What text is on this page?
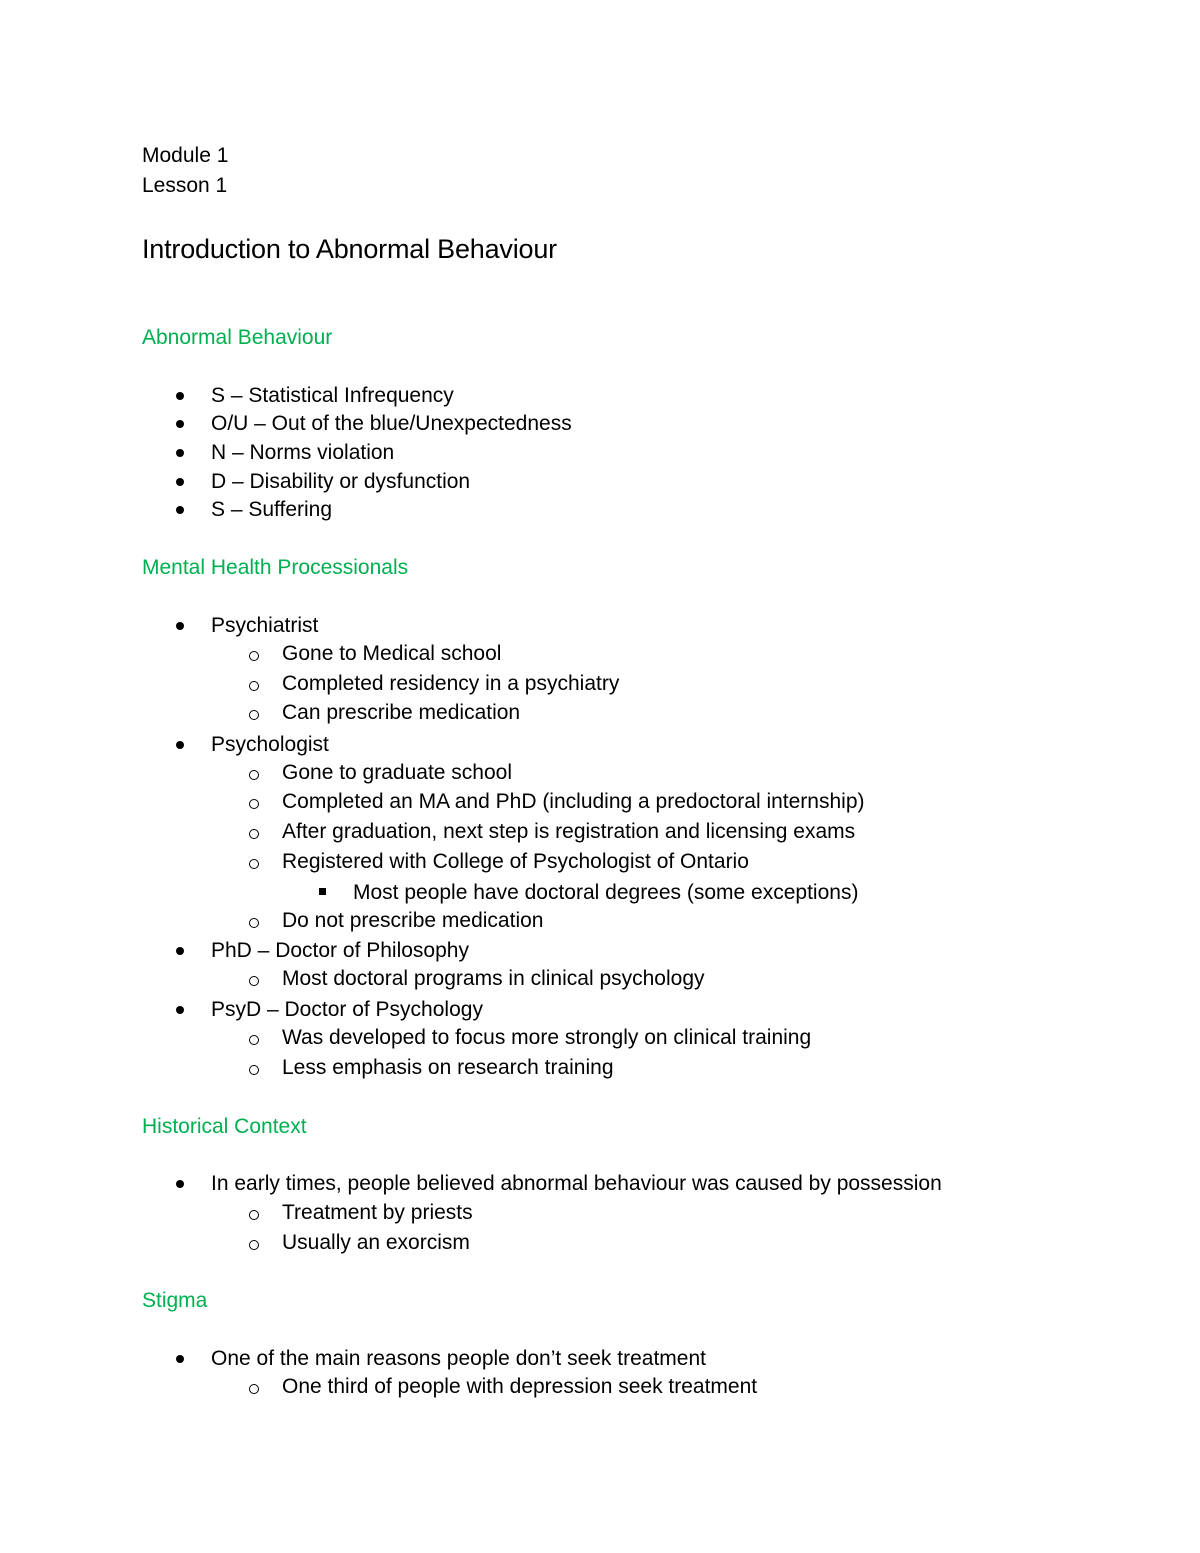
Module 1
Lesson 1
Introduction to Abnormal Behaviour
Abnormal Behaviour
S – Statistical Infrequency
O/U – Out of the blue/Unexpectedness
N – Norms violation
D – Disability or dysfunction
S – Suffering
Mental Health Processionals
Psychiatrist
Gone to Medical school
Completed residency in a psychiatry
Can prescribe medication
Psychologist
Gone to graduate school
Completed an MA and PhD (including a predoctoral internship)
After graduation, next step is registration and licensing exams
Registered with College of Psychologist of Ontario
Most people have doctoral degrees (some exceptions)
Do not prescribe medication
PhD – Doctor of Philosophy
Most doctoral programs in clinical psychology
PsyD – Doctor of Psychology
Was developed to focus more strongly on clinical training
Less emphasis on research training
Historical Context
In early times, people believed abnormal behaviour was caused by possession
Treatment by priests
Usually an exorcism
Stigma
One of the main reasons people don’t seek treatment
One third of people with depression seek treatment
